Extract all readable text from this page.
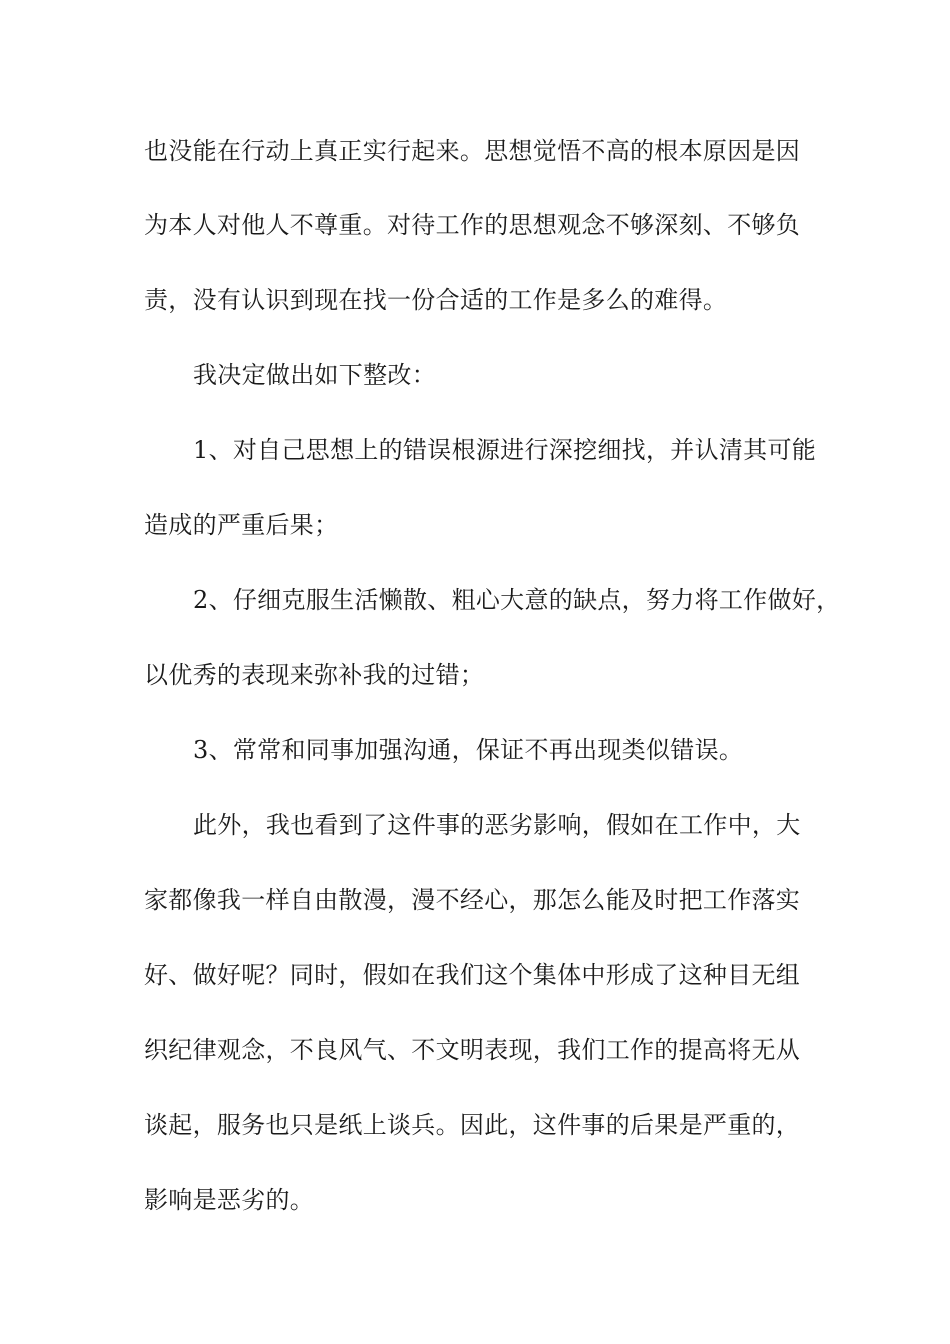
也没能在行动上真正实行起来。思想觉悟不高的根本原因是因
为本人对他人不尊重。对待工作的思想观念不够深刻、不够负
责，没有认识到现在找一份合适的工作是多么的难得。
我决定做出如下整改：
1、对自己思想上的错误根源进行深挖细找，并认清其可能
造成的严重后果；
2、仔细克服生活懒散、粗心大意的缺点，努力将工作做好，
以优秀的表现来弥补我的过错；
3、常常和同事加强沟通，保证不再出现类似错误。
此外，我也看到了这件事的恶劣影响，假如在工作中，大
家都像我一样自由散漫，漫不经心，那怎么能及时把工作落实
好、做好呢？同时，假如在我们这个集体中形成了这种目无组
织纪律观念，不良风气、不文明表现，我们工作的提高将无从
谈起，服务也只是纸上谈兵。因此，这件事的后果是严重的，
影响是恶劣的。
